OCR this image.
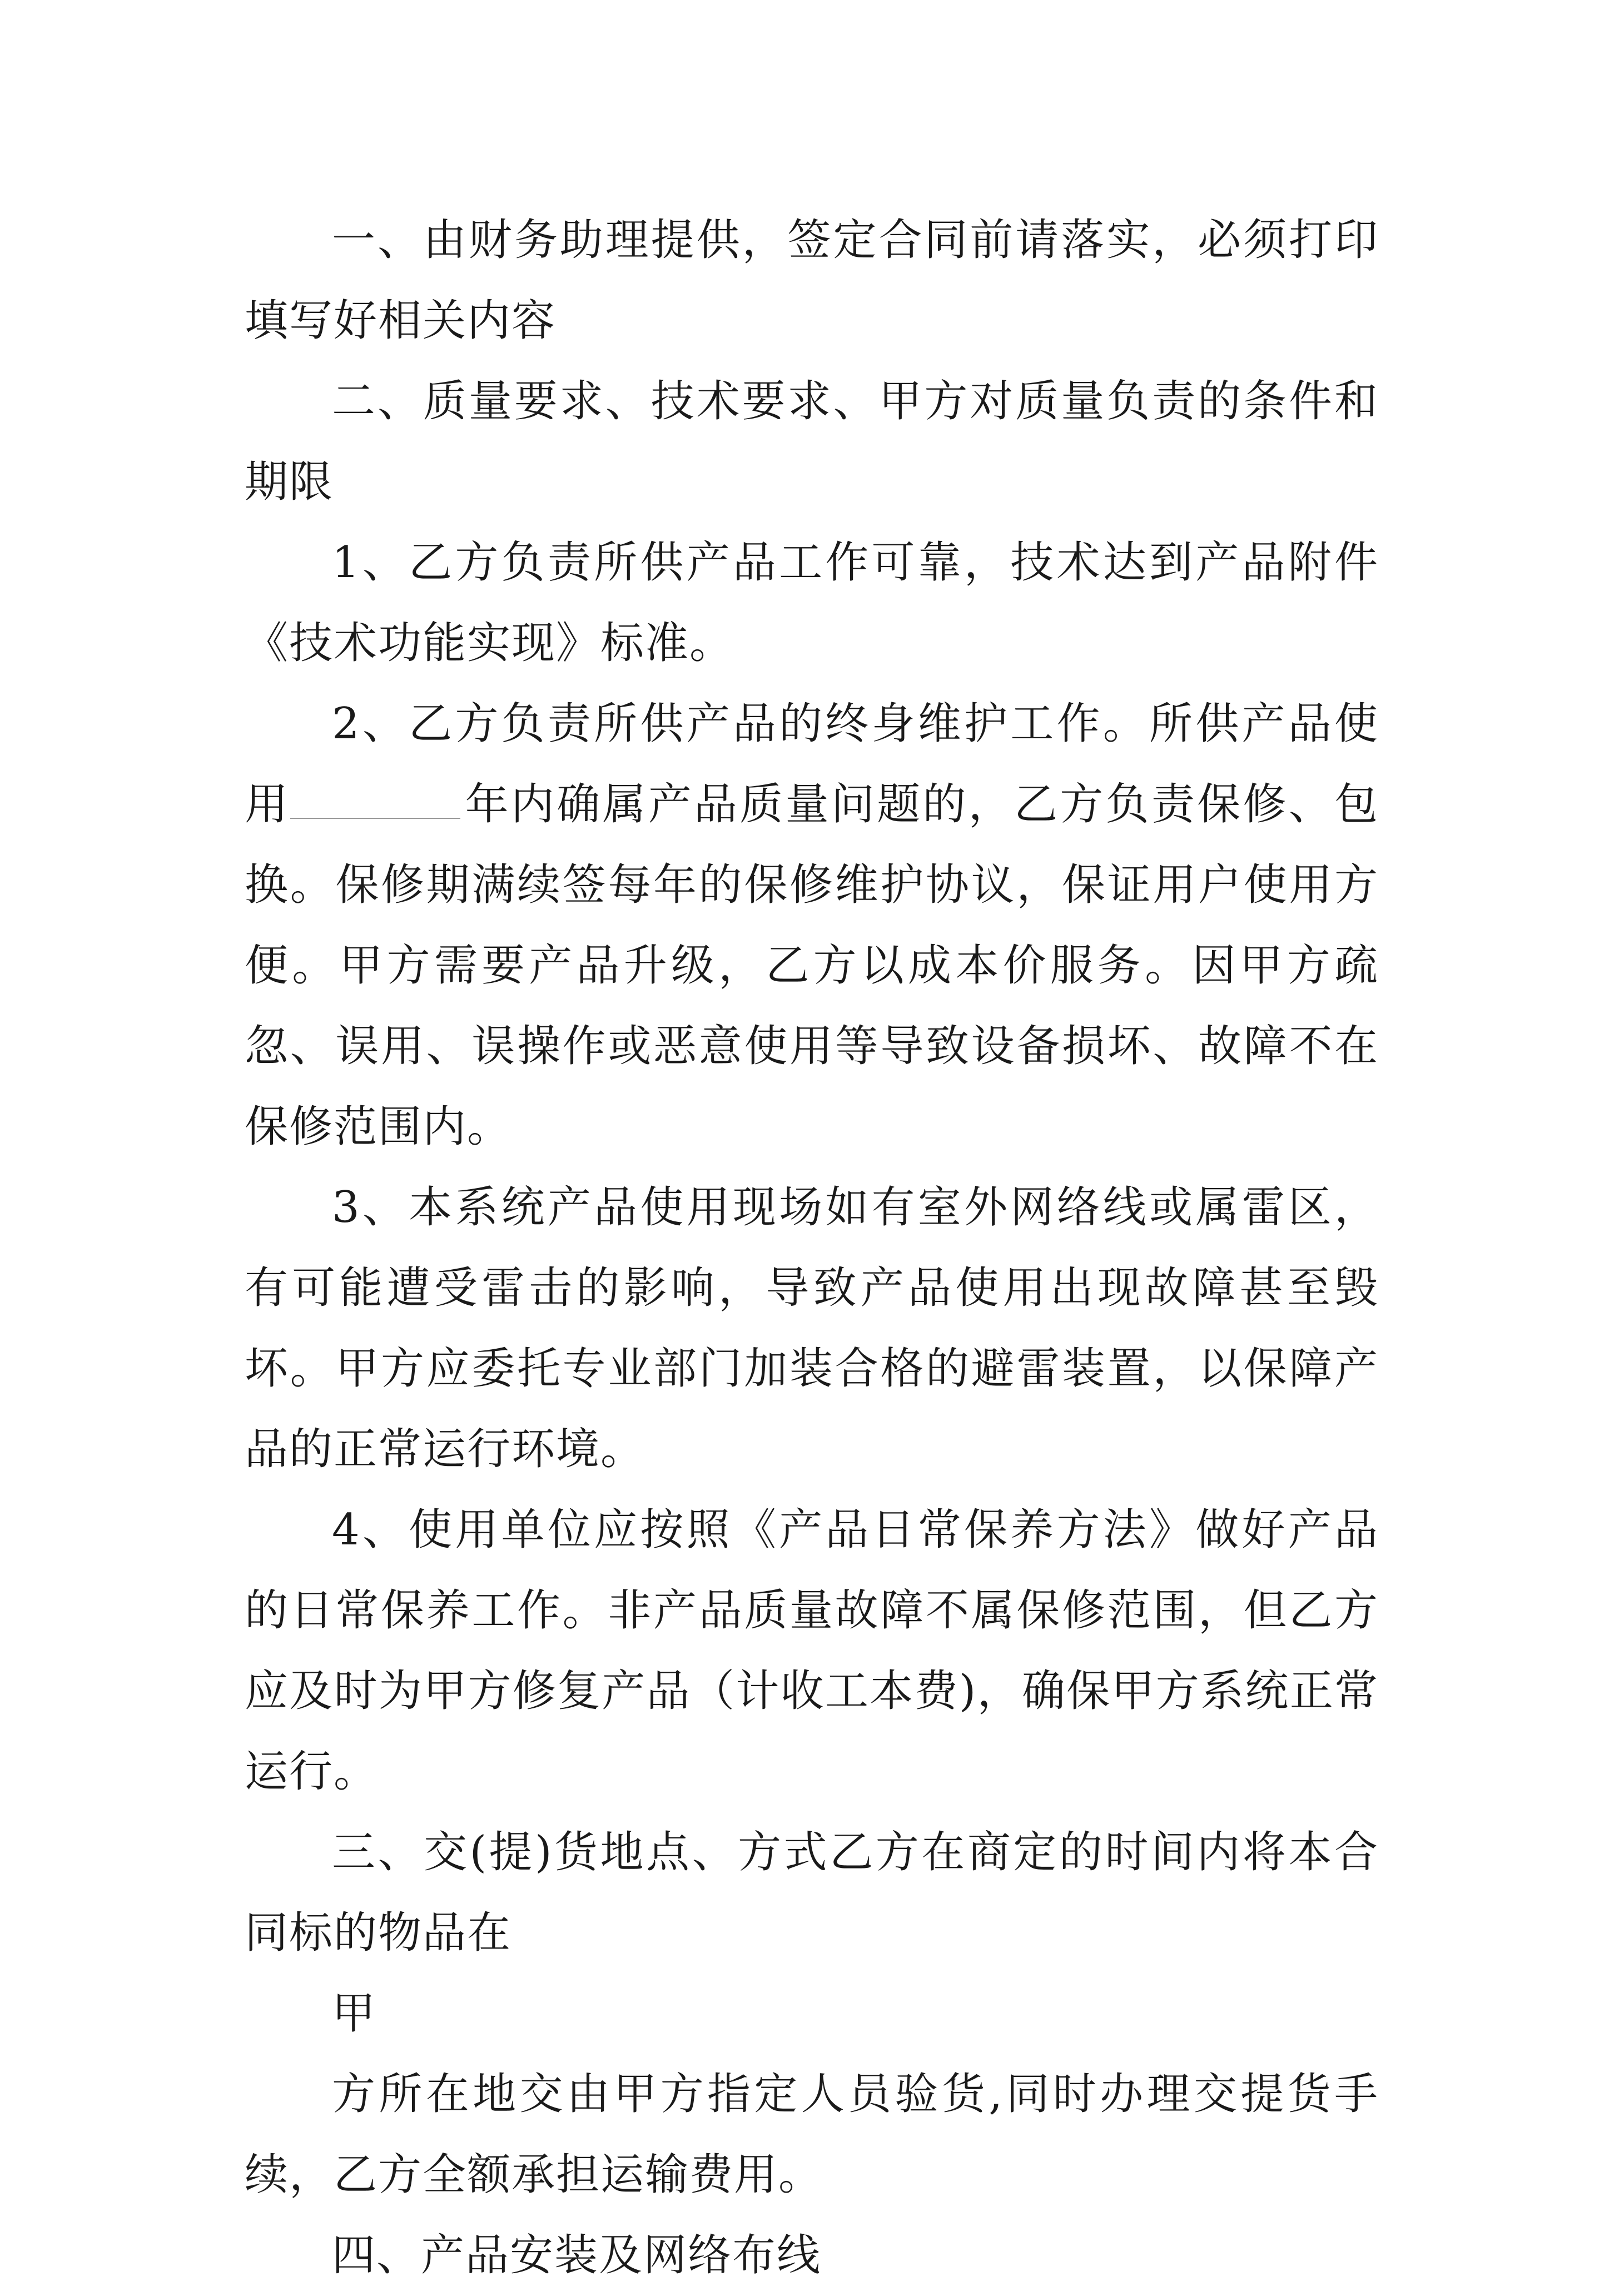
一、由财务助理提供，签定合同前请落实，必须打印填写好相关内容

二、质量要求、技术要求、甲方对质量负责的条件和期限

1、乙方负责所供产品工作可靠，技术达到产品附件《技术功能实现》标准。

2、乙方负责所供产品的终身维护工作。所供产品使用	年内确属产品质量问题的，乙方负责保修、包换。保修期满续签每年的保修维护协议，保证用户使用方便。甲方需要产品升级，乙方以成本价服务。因甲方疏忽、误用、误操作或恶意使用等导致设备损坏、故障不在保修范围内。

3、本系统产品使用现场如有室外网络线或属雷区，有可能遭受雷击的影响，导致产品使用出现故障甚至毁坏。甲方应委托专业部门加装合格的避雷装置，以保障产品的正常运行环境。

4、使用单位应按照《产品日常保养方法》做好产品的日常保养工作。非产品质量故障不属保修范围，但乙方应及时为甲方修复产品（计收工本费)，确保甲方系统正常运行。

三、交(提)货地点、方式乙方在商定的时间内将本合同标的物品在

甲

方所在地交由甲方指定人员验货,同时办理交提货手续，乙方全额承担运输费用。

四、产品安装及网络布线
